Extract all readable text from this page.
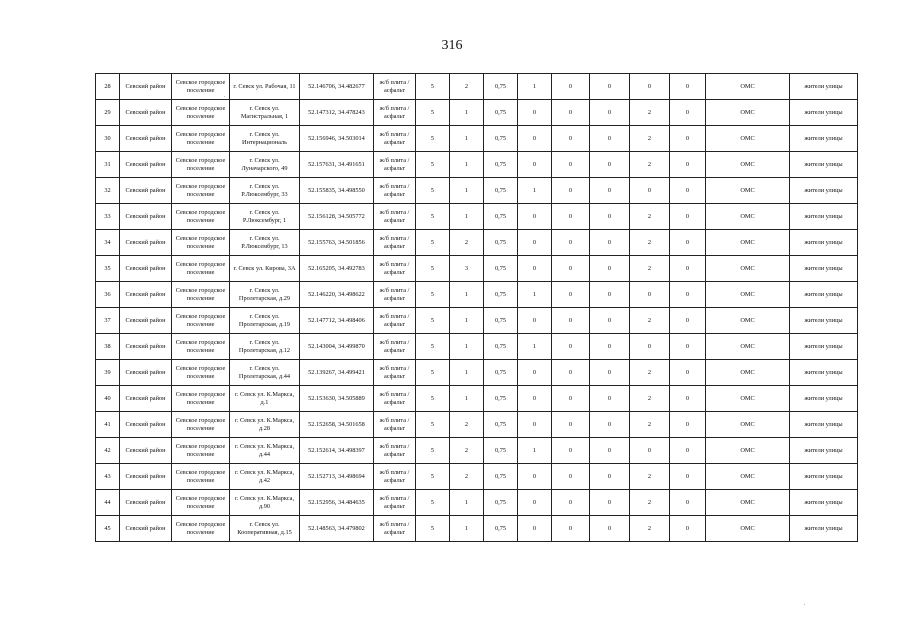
316
28	Севский район	Севское городское поселение	г. Севск ул. Рабочая, 11	52.146706, 34.482677	ж/б плита /асфальт	5	2	0,75	1	0	0	0	0	ОМС	жители улицы
29	Севский район	Севское городское поселение	г. Севск ул. Магистральная, 1	52.147312, 34.478243	ж/б плита /асфальт	5	1	0,75	0	0	0	2	0	ОМС	жители улицы
30	Севский район	Севское городское поселение	г. Севск ул. Интернациональ	52.156946, 34.503014	ж/б плита /асфальт	5	1	0,75	0	0	0	2	0	ОМС	жители улицы
31	Севский район	Севское городское поселение	г. Севск ул. Луначарского, 49	52.157631, 34.491651	ж/б плита /асфальт	5	1	0,75	0	0	0	2	0	ОМС	жители улицы
32	Севский район	Севское городское поселение	г. Севск ул. Р.Люксембург, 33	52.155835, 34.498550	ж/б плита /асфальт	5	1	0,75	1	0	0	0	0	ОМС	жители улицы
33	Севский район	Севское городское поселение	г. Севск ул. Р.Люксембург, 1	52.156128, 34.505772	ж/б плита /асфальт	5	1	0,75	0	0	0	2	0	ОМС	жители улицы
34	Севский район	Севское городское поселение	г. Севск ул. Р.Люксембург, 13	52.155763, 34.501856	ж/б плита /асфальт	5	2	0,75	0	0	0	2	0	ОМС	жители улицы
35	Севский район	Севское городское поселение	г. Севск ул. Кирова, 3А	52.165205, 34.492783	ж/б плита /асфальт	5	3	0,75	0	0	0	2	0	ОМС	жители улицы
36	Севский район	Севское городское поселение	г. Севск ул. Пролетарская, д.29	52.146220, 34.498622	ж/б плита /асфальт	5	1	0,75	1	0	0	0	0	ОМС	жители улицы
37	Севский район	Севское городское поселение	г. Севск ул. Пролетарская, д.19	52.147712, 34.498406	ж/б плита /асфальт	5	1	0,75	0	0	0	2	0	ОМС	жители улицы
38	Севский район	Севское городское поселение	г. Севск ул. Пролетарская, д.12	52.143004, 34.499870	ж/б плита /асфальт	5	1	0,75	1	0	0	0	0	ОМС	жители улицы
39	Севский район	Севское городское поселение	г. Севск ул. Пролетарская, д.44	52.139267, 34.499421	ж/б плита /асфальт	5	1	0,75	0	0	0	2	0	ОМС	жители улицы
40	Севский район	Севское городское поселение	г. Севск ул. К.Маркса, д.1	52.153630, 34.505889	ж/б плита /асфальт	5	1	0,75	0	0	0	2	0	ОМС	жители улицы
41	Севский район	Севское городское поселение	г. Севск ул. К.Маркса, д.28	52.152658, 34.501658	ж/б плита /асфальт	5	2	0,75	0	0	0	2	0	ОМС	жители улицы
42	Севский район	Севское городское поселение	г. Севск ул. К.Маркса, д.44	52.152614, 34.498397	ж/б плита /асфальт	5	2	0,75	1	0	0	0	0	ОМС	жители улицы
43	Севский район	Севское городское поселение	г. Севск ул. К.Маркса, д.42	52.152713, 34.498694	ж/б плита /асфальт	5	2	0,75	0	0	0	2	0	ОМС	жители улицы
44	Севский район	Севское городское поселение	г. Севск ул. К.Маркса, д.90	52.152956, 34.484635	ж/б плита /асфальт	5	1	0,75	0	0	0	2	0	ОМС	жители улицы
45	Севский район	Севское городское поселение	г. Севск ул. Кооперативная, д.15	52.148563, 34.479802	ж/б плита /асфальт	5	1	0,75	0	0	0	2	0	ОМС	жители улицы
